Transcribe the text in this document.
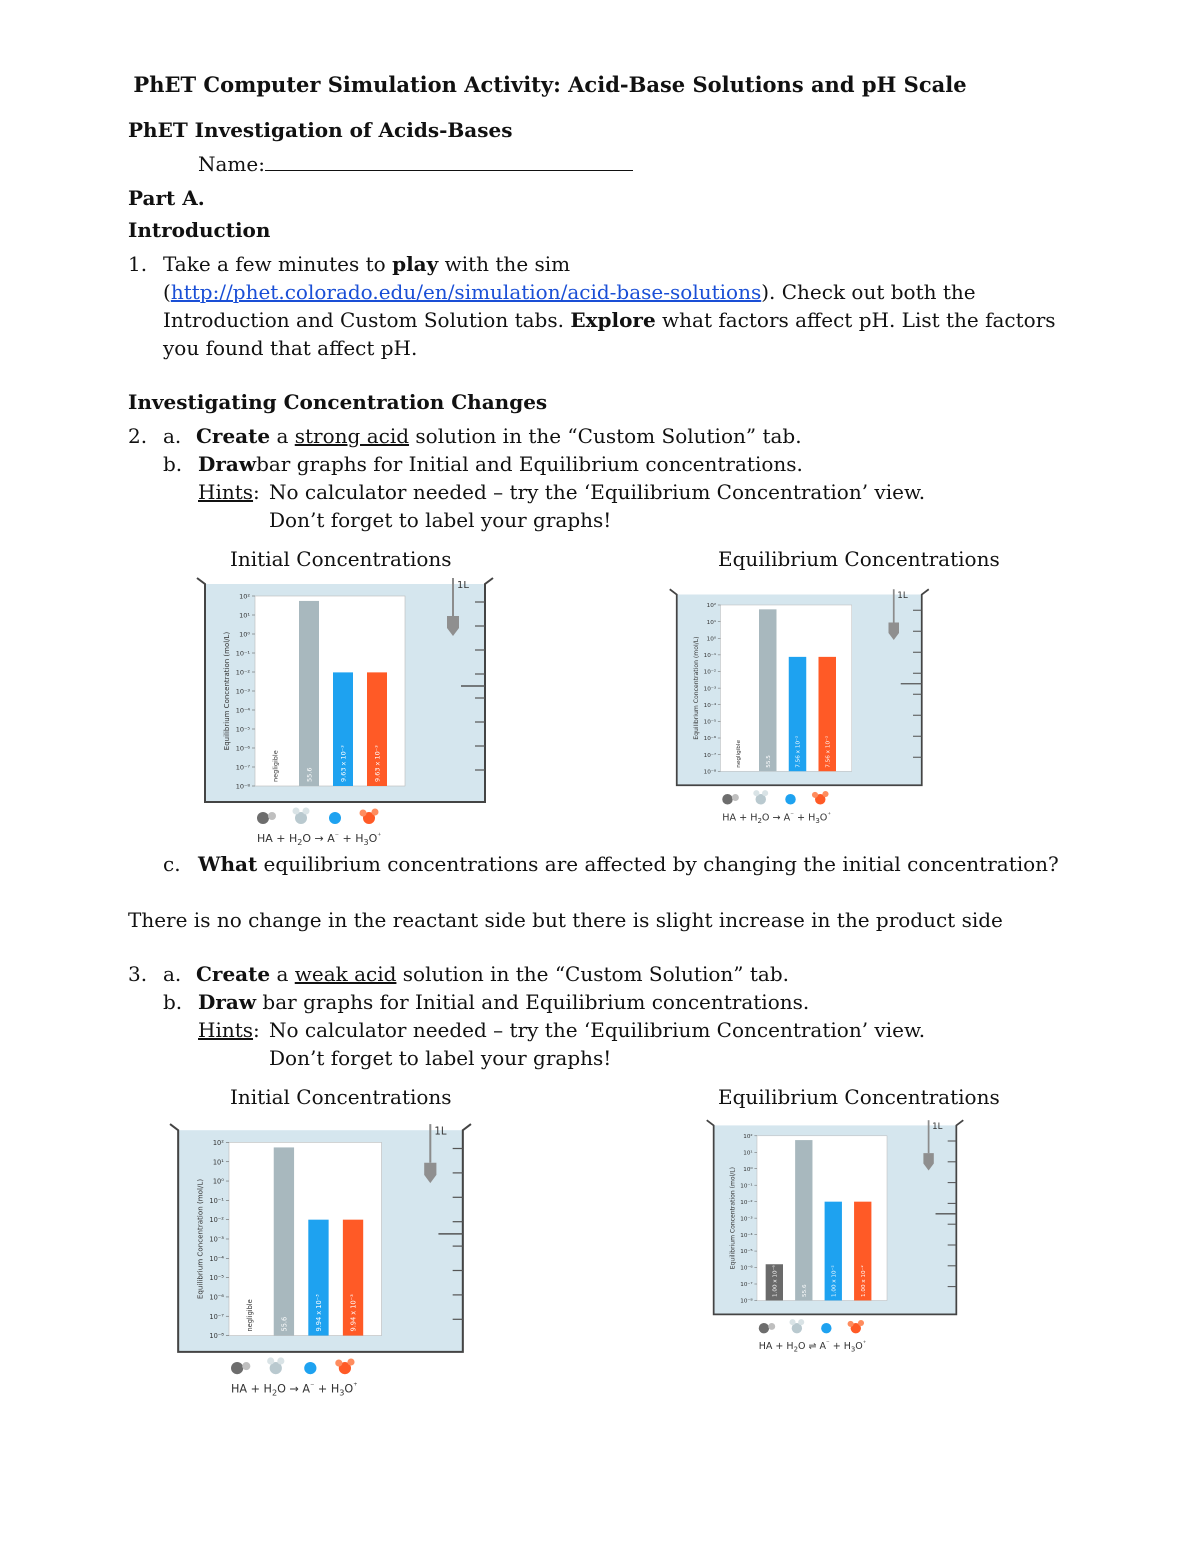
PhET Computer Simulation Activity: Acid-Base Solutions and pH Scale
PhET Investigation of Acids-Bases
Name:
Part A.
Introduction
1. Take a few minutes to play with the sim
(http://phet.colorado.edu/en/simulation/acid-base-solutions). Check out both the
Introduction and Custom Solution tabs. Explore what factors affect pH. List the factors
you found that affect pH.
Investigating Concentration Changes
2. a. Create a strong acid solution in the “Custom Solution” tab.
b. Drawbar graphs for Initial and Equilibrium concentrations.
Hints: No calculator needed – try the ‘Equilibrium Concentration’ view.
Don’t forget to label your graphs!
Initial Concentrations	Equilibrium Concentrations
1L
10²
10¹
10⁰
10⁻¹
10⁻²
10⁻³
10⁻⁴
10⁻⁵
10⁻⁶
10⁻⁷
10⁻⁸
Equilibrium Concentration (mol/L)
negligible	55.6	9.63 x 10⁻³	9.63 x 10⁻³
HA + $H_2O \to A^{^-} + H_3O^{^+}$
1L
10²
10¹
10⁰
10⁻¹
10⁻²
10⁻³
10⁻⁴
10⁻⁵
10⁻⁶
10⁻⁷
10⁻⁸
Equilibrium Concentration (mol/L)
negligible	55.5	7.56 x 10⁻²	7.56 x 10⁻²
HA + $H_2O \to A^{^-} + H_3O^{^+}$
c. What equilibrium concentrations are affected by changing the initial concentration?
There is no change in the reactant side but there is slight increase in the product side
3. a. Create a weak acid solution in the “Custom Solution” tab.
b. Draw bar graphs for Initial and Equilibrium concentrations.
Hints: No calculator needed – try the ‘Equilibrium Concentration’ view.
Don’t forget to label your graphs!
Initial Concentrations	Equilibrium Concentrations
1L
10²
10¹
10⁰
10⁻¹
10⁻²
10⁻³
10⁻⁴
10⁻⁵
10⁻⁶
10⁻⁷
10⁻⁸
Equilibrium Concentration (mol/L)
negligible	55.6	9.94 x 10⁻³	9.94 x 10⁻³
HA + $H_2O \to A^{^-} + H_3O^{^+}$
1L
10²
10¹
10⁰
10⁻¹
10⁻²
10⁻³
10⁻⁴
10⁻⁵
10⁻⁶
10⁻⁷
10⁻⁸
Equilibrium Concentration (mol/L)
1.00 x 10⁻⁶	55.6	1.00 x 10⁻²	1.00 x 10⁻²
HA + $H_2O$ ⇌ $A^{^-} + H_3O^{^+}$
